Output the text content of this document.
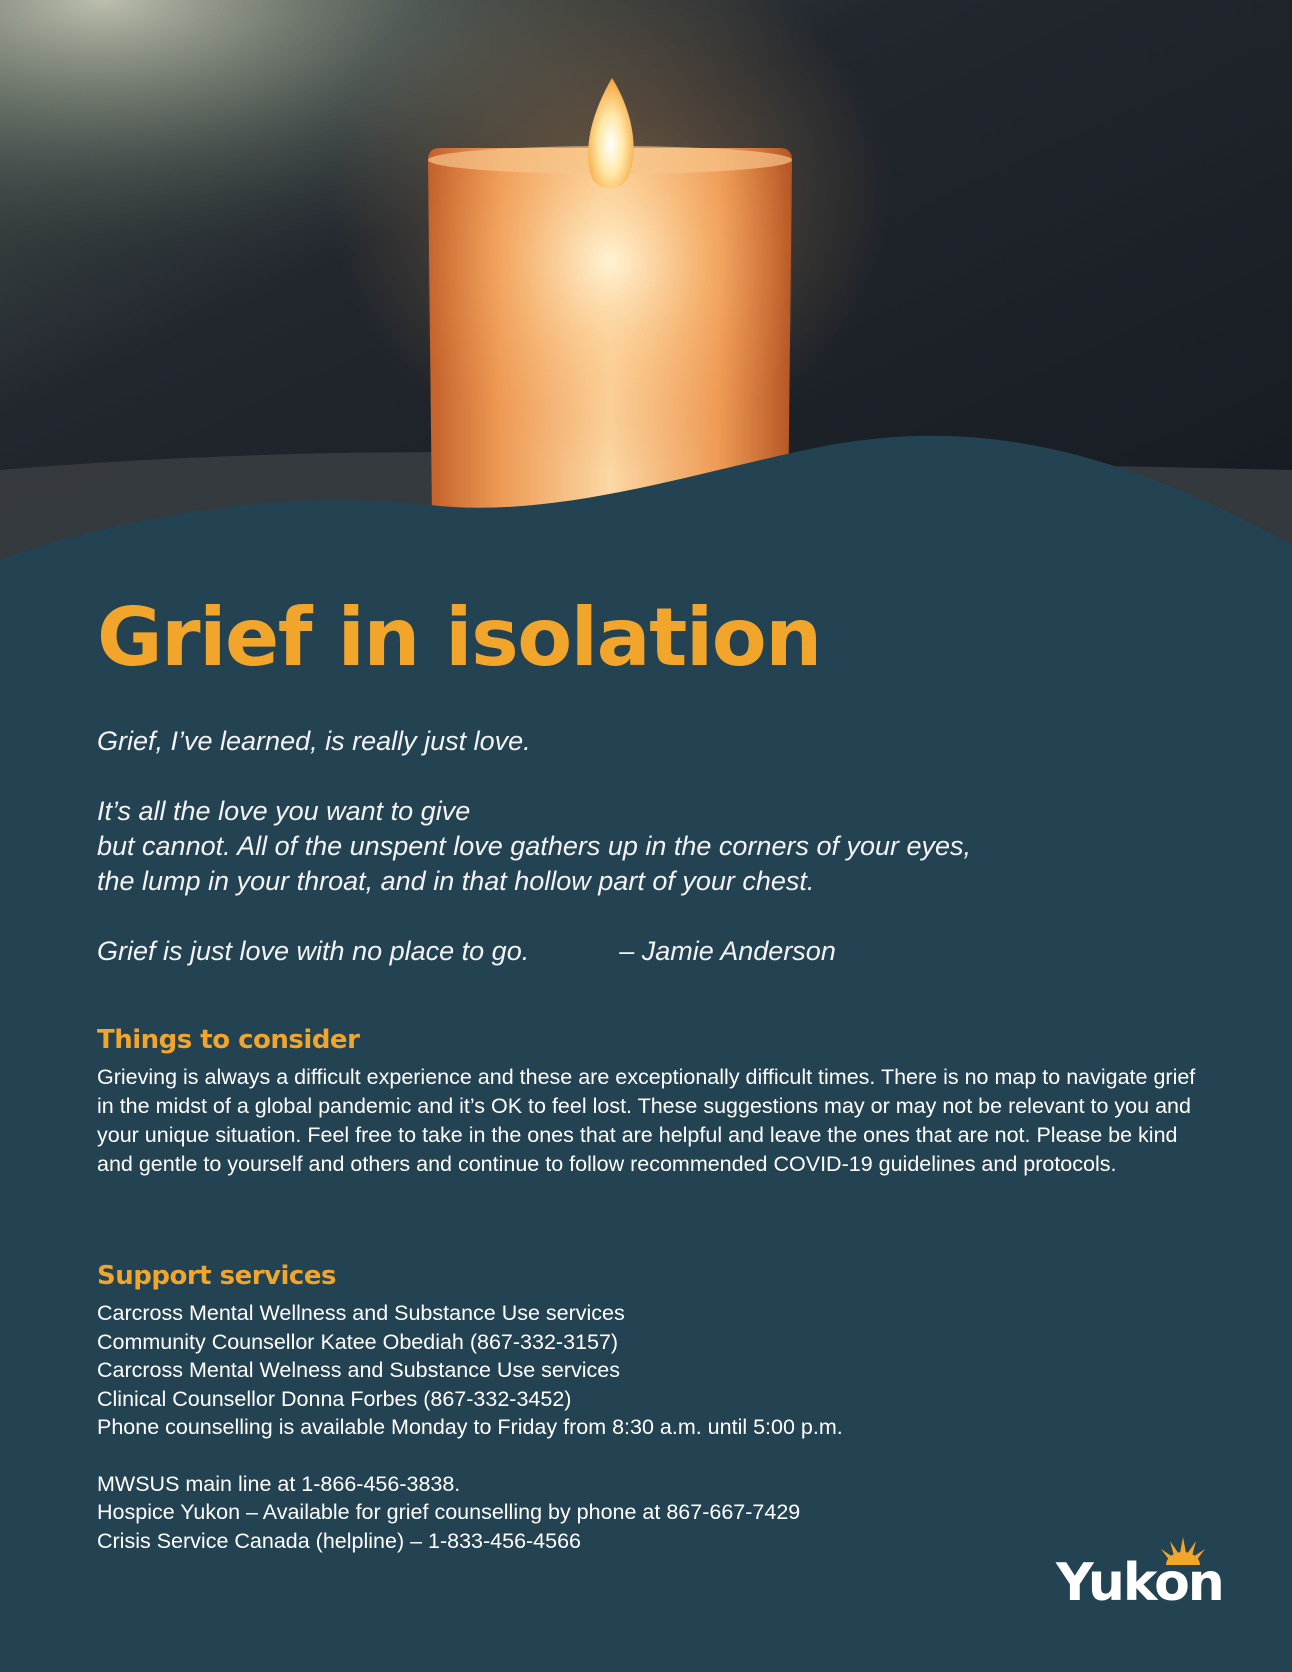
Grief in isolation

Grief, I’ve learned, is really just love.

It’s all the love you want to give

but cannot. All of the unspent love gathers up in the corners of your eyes,

the lump in your throat, and in that hollow part of your chest.

Grief is just love with no place to go.	– Jamie Anderson

Things to consider

Grieving is always a difficult experience and these are exceptionally difficult times. There is no map to navigate grief in the midst of a global pandemic and it’s OK to feel lost. These suggestions may or may not be relevant to you and your unique situation. Feel free to take in the ones that are helpful and leave the ones that are not. Please be kind and gentle to yourself and others and continue to follow recommended COVID-19 guidelines and protocols.

Support services
Carcross Mental Wellness and Substance Use services
Community Counsellor Katee Obediah (867-332-3157)
Carcross Mental Welness and Substance Use services
Clinical Counsellor Donna Forbes (867-332-3452)
Phone counselling is available Monday to Friday from 8:30 a.m. until 5:00 p.m.
MWSUS main line at 1-866-456-3838.
Hospice Yukon – Available for grief counselling by phone at 867-667-7429
Crisis Service Canada (helpline) – 1-833-456-4566
Yukon
